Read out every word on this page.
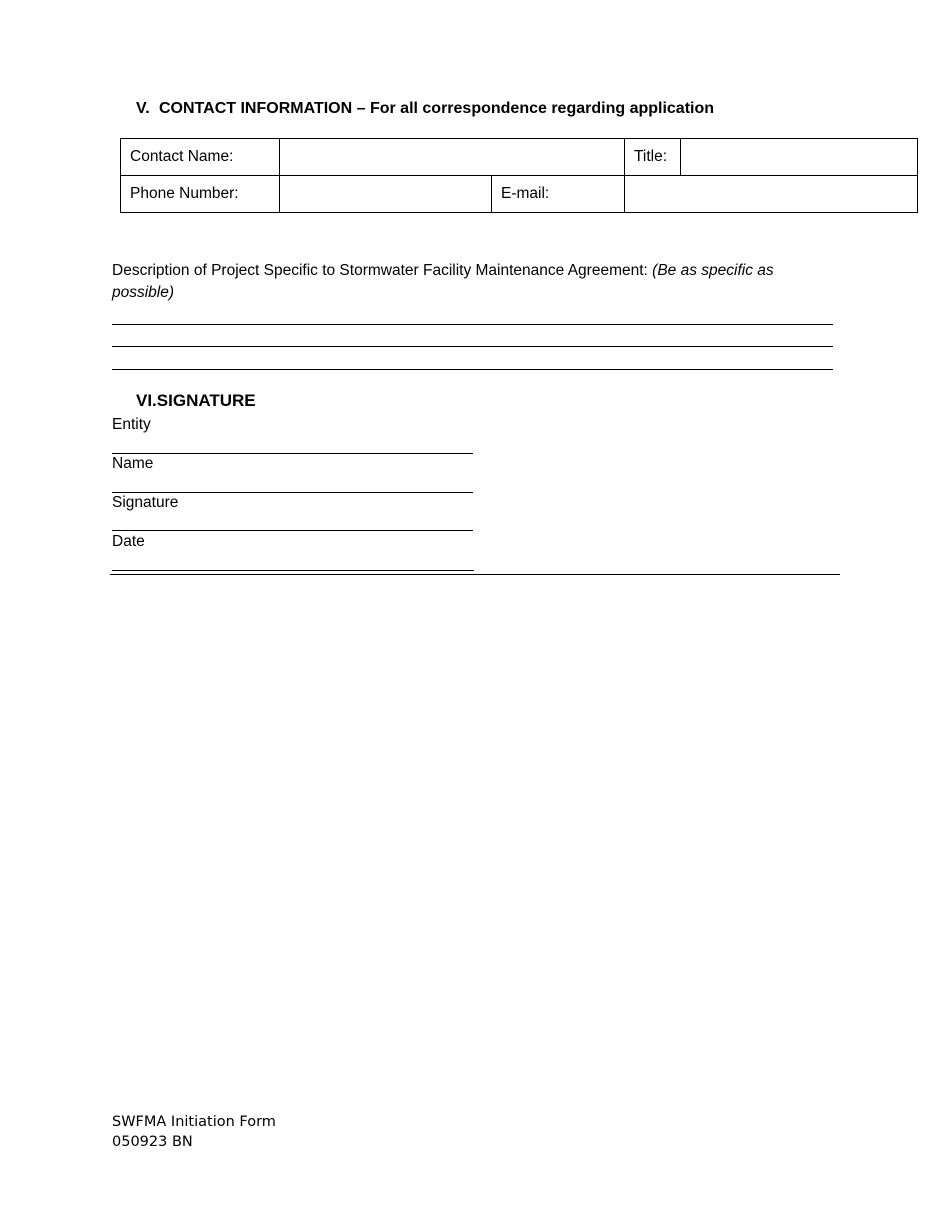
V. CONTACT INFORMATION – For all correspondence regarding application
Contact Name:			Title:	
Phone Number:		E-mail:		
Description of Project Specific to Stormwater Facility Maintenance Agreement: (Be as specific as possible)
VI.SIGNATURE
Entity
Name
Signature
Date
SWFMA Initiation Form
050923 BN
